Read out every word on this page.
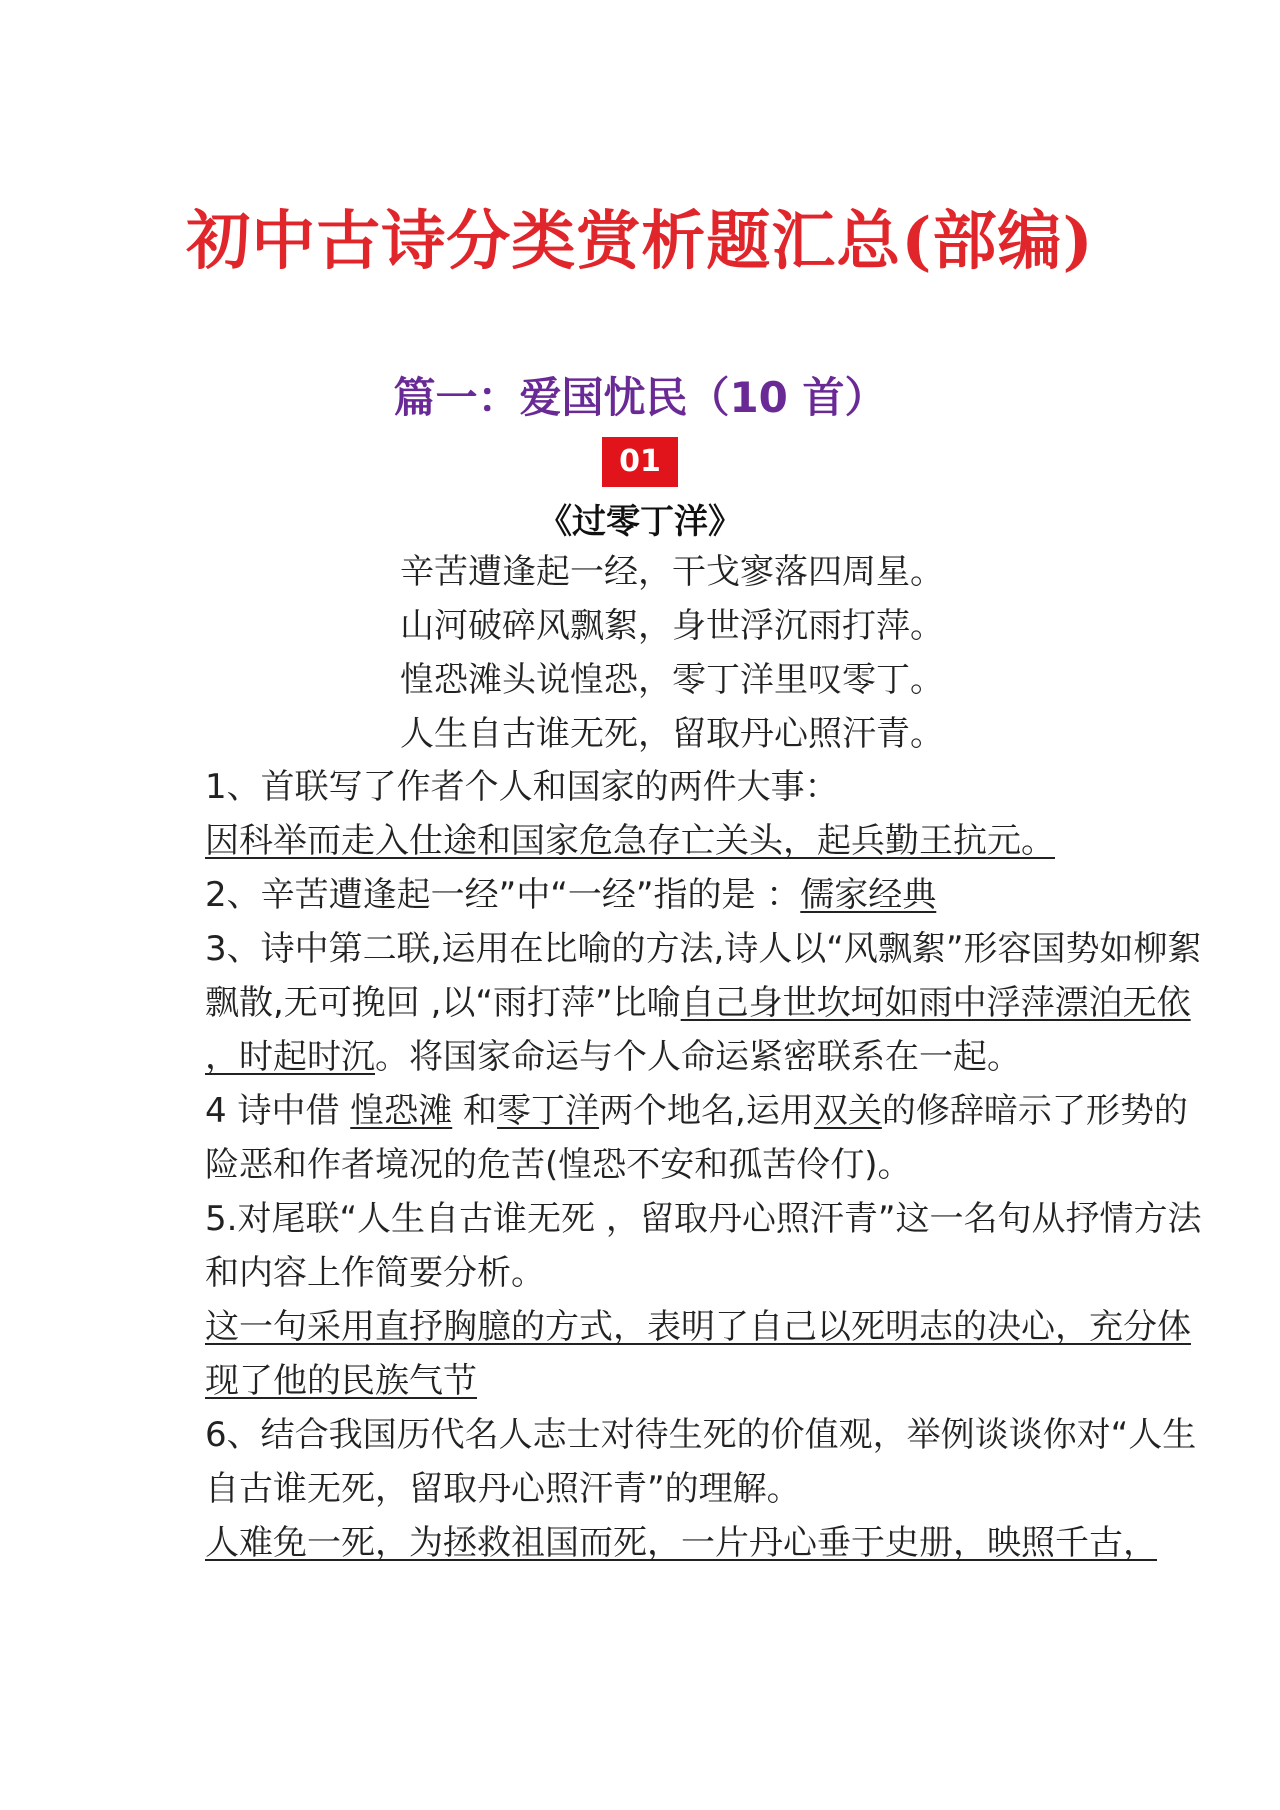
初中古诗分类赏析题汇总(部编)
篇一：爱国忧民（10 首）
01
《过零丁洋》
辛苦遭逢起一经，干戈寥落四周星。
山河破碎风飘絮，身世浮沉雨打萍。
惶恐滩头说惶恐，零丁洋里叹零丁。
人生自古谁无死，留取丹心照汗青。

1、首联写了作者个人和国家的两件大事：

因科举而走入仕途和国家危急存亡关头，起兵勤王抗元。

2、辛苦遭逢起一经”中“一经”指的是 ：儒家经典

3、诗中第二联,运用在比喻的方法,诗人以“风飘絮”形容国势如柳絮飘散,无可挽回 ,以“雨打萍”比喻自己身世坎坷如雨中浮萍漂泊无依 ，时起时沉。将国家命运与个人命运紧密联系在一起。

4 诗中借 惶恐滩 和零丁洋两个地名,运用双关的修辞暗示了形势的险恶和作者境况的危苦(惶恐不安和孤苦伶仃)。

5.对尾联“人生自古谁无死 ，留取丹心照汗青”这一名句从抒情方法和内容上作简要分析。

这一句采用直抒胸臆的方式，表明了自己以死明志的决心，充分体现了他的民族气节

6、结合我国历代名人志士对待生死的价值观，举例谈谈你对“人生自古谁无死，留取丹心照汗青”的理解。

人难免一死，为拯救祖国而死，一片丹心垂于史册，映照千古，
